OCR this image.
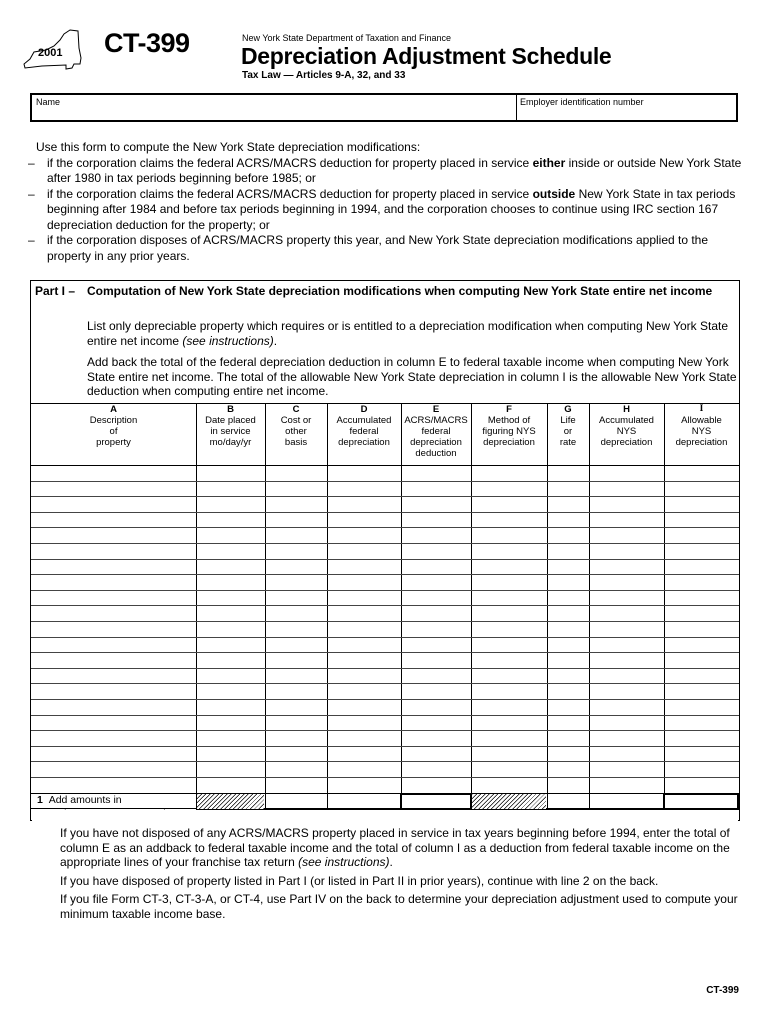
2001 CT-399	New York State Department of Taxation and Finance
Depreciation Adjustment Schedule
Tax Law — Articles 9-A, 32, and 33
Name	Employer identification number

Use this form to compute the New York State depreciation modifications:

– if the corporation claims the federal ACRS/MACRS deduction for property placed in service either inside or outside New York State after 1980 in tax periods beginning before 1985; or

– if the corporation claims the federal ACRS/MACRS deduction for property placed in service outside New York State in tax periods beginning after 1984 and before tax periods beginning in 1994, and the corporation chooses to continue using IRC section 167 depreciation deduction for the property; or

– if the corporation disposes of ACRS/MACRS property this year, and New York State depreciation modifications applied to the property in any prior years.

Part I – Computation of New York State depreciation modifications when computing New York State entire net income
List only depreciable property which requires or is entitled to a depreciation modification when computing New York State entire net income (see instructions).
Add back the total of the federal depreciation deduction in column E to federal taxable income when computing New York State entire net income. The total of the allowable New York State depreciation in column I is the allowable New York State deduction when computing entire net income.
1 Add amounts in

A
Description
of
property
B
Date placed
in service
mo/day/yr
C
Cost or
other
basis
D
Accumulated
federal
depreciation
E
ACRS/MACRS
federal
depreciation
deduction
F
Method of
figuring NYS
depreciation
G
Life
or
rate
H
Accumulated
NYS
depreciation
I
Allowable
NYS
depreciation

If you have not disposed of any ACRS/MACRS property placed in service in tax years beginning before 1994, enter the total of column E as an addback to federal taxable income and the total of column I as a deduction from federal taxable income on the appropriate lines of your franchise tax return (see instructions).

If you have disposed of property listed in Part I (or listed in Part II in prior years), continue with line 2 on the back.

If you file Form CT-3, CT-3-A, or CT-4, use Part IV on the back to determine your depreciation adjustment used to compute your minimum taxable income base.

CT-399
